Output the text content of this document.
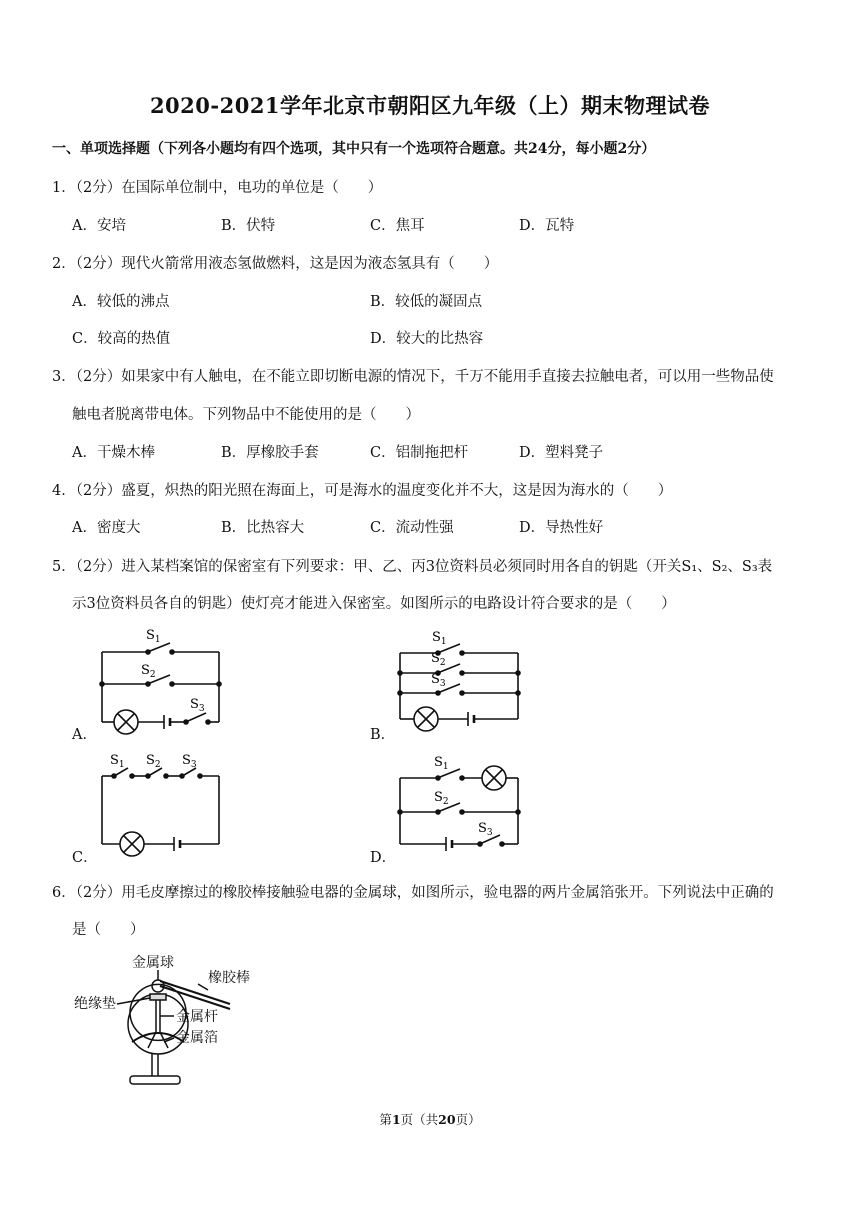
2020-2021学年北京市朝阳区九年级（上）期末物理试卷
一、单项选择题（下列各小题均有四个选项，其中只有一个选项符合题意。共24分，每小题2分）
1．（2分）在国际单位制中，电功的单位是（　　）
A．安培	B．伏特	C．焦耳	D．瓦特
2．（2分）现代火箭常用液态氢做燃料，这是因为液态氢具有（　　）
A．较低的沸点	B．较低的凝固点
C．较高的热值	D．较大的比热容
3．（2分）如果家中有人触电，在不能立即切断电源的情况下，千万不能用手直接去拉触电者，可以用一些物品使
触电者脱离带电体。下列物品中不能使用的是（　　）
A．干燥木棒	B．厚橡胶手套	C．铝制拖把杆	D．塑料凳子
4．（2分）盛夏，炽热的阳光照在海面上，可是海水的温度变化并不大，这是因为海水的（　　）
A．密度大	B．比热容大	C．流动性强	D．导热性好
5．（2分）进入某档案馆的保密室有下列要求：甲、乙、丙3位资料员必须同时用各自的钥匙（开关S₁、S₂、S₃表
示3位资料员各自的钥匙）使灯亮才能进入保密室。如图所示的电路设计符合要求的是（　　）
A．	B．
C．	D．
$S_1$
$S_2$
$S_3$
$S_1$
$S_2$
$S_3$
$S_1$ $S_2$ $S_3$	$S_1$
$S_2$
$S_3$
6．（2分）用毛皮摩擦过的橡胶棒接触验电器的金属球，如图所示，验电器的两片金属箔张开。下列说法中正确的
是（　　）
金属球
橡胶棒
绝缘垫
金属杆
金属箔
第1页（共20页）
